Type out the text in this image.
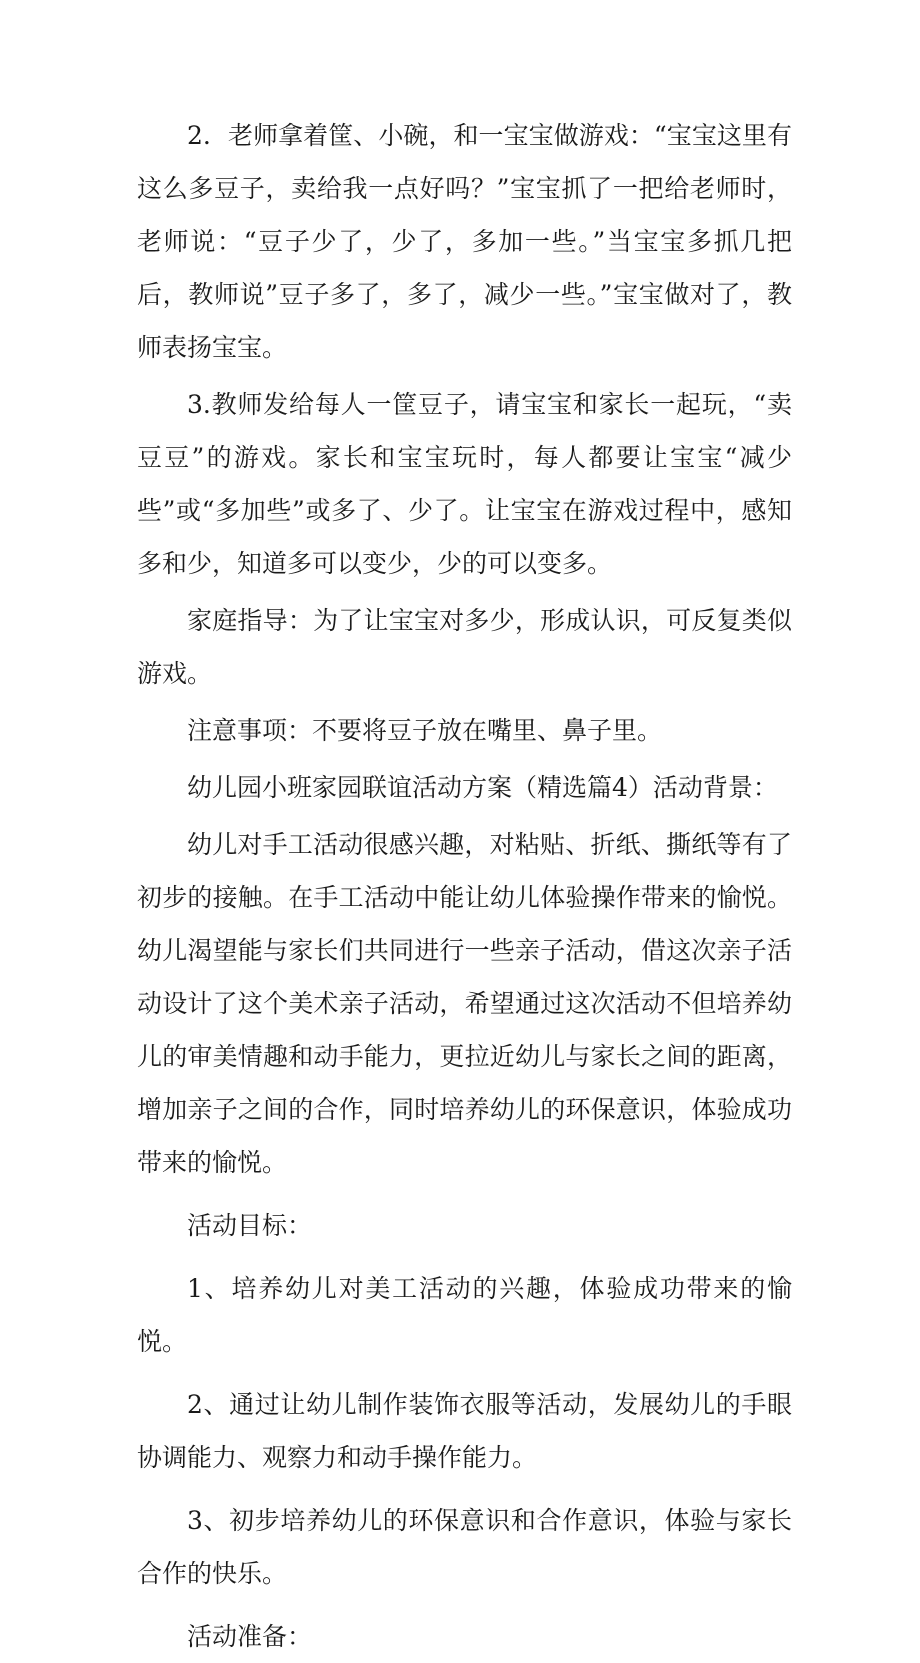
2．老师拿着筐、小碗，和一宝宝做游戏：“宝宝这里有这么多豆子，卖给我一点好吗？”宝宝抓了一把给老师时，老师说：“豆子少了，少了，多加一些。”当宝宝多抓几把后，教师说”豆子多了，多了，减少一些。”宝宝做对了，教师表扬宝宝。

3.教师发给每人一筐豆子，请宝宝和家长一起玩，“卖豆豆”的游戏。家长和宝宝玩时，每人都要让宝宝“减少些”或“多加些”或多了、少了。让宝宝在游戏过程中，感知多和少，知道多可以变少，少的可以变多。

家庭指导：为了让宝宝对多少，形成认识，可反复类似游戏。

注意事项：不要将豆子放在嘴里、鼻子里。

幼儿园小班家园联谊活动方案（精选篇4）活动背景：

幼儿对手工活动很感兴趣，对粘贴、折纸、撕纸等有了初步的接触。在手工活动中能让幼儿体验操作带来的愉悦。幼儿渴望能与家长们共同进行一些亲子活动，借这次亲子活动设计了这个美术亲子活动，希望通过这次活动不但培养幼儿的审美情趣和动手能力，更拉近幼儿与家长之间的距离，增加亲子之间的合作，同时培养幼儿的环保意识，体验成功带来的愉悦。

活动目标：

1、培养幼儿对美工活动的兴趣，体验成功带来的愉悦。

2、通过让幼儿制作装饰衣服等活动，发展幼儿的手眼协调能力、观察力和动手操作能力。

3、初步培养幼儿的环保意识和合作意识，体验与家长合作的快乐。

活动准备：
